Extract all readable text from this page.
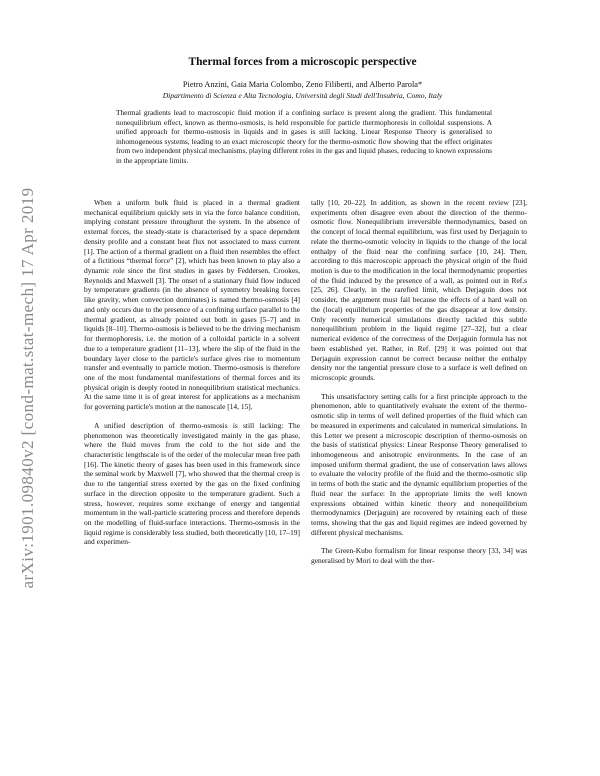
arXiv:1901.09840v2 [cond-mat.stat-mech] 17 Apr 2019
Thermal forces from a microscopic perspective
Pietro Anzini, Gaia Maria Colombo, Zeno Filiberti, and Alberto Parola*
Dipartimento di Scienza e Alta Tecnologia, Università degli Studi dell'Insubria, Como, Italy

Thermal gradients lead to macroscopic fluid motion if a confining surface is present along the gradient. This fundamental nonequilibrium effect, known as thermo-osmosis, is held responsible for particle thermophoresis in colloidal suspensions. A unified approach for thermo-osmosis in liquids and in gases is still lacking. Linear Response Theory is generalised to inhomogeneous systems, leading to an exact microscopic theory for the thermo-osmotic flow showing that the effect originates from two independent physical mechanisms, playing different roles in the gas and liquid phases, reducing to known expressions in the appropriate limits.

When a uniform bulk fluid is placed in a thermal gradient mechanical equilibrium quickly sets in via the force balance condition, implying constant pressure throughout the system. In the absence of external forces, the steady-state is characterised by a space dependent density profile and a constant heat flux not associated to mass current [1]. The action of a thermal gradient on a fluid then resembles the effect of a fictitious “thermal force” [2], which has been known to play also a dynamic role since the first studies in gases by Feddersen, Crookes, Reynolds and Maxwell [3]. The onset of a stationary fluid flow induced by temperature gradients (in the absence of symmetry breaking forces like gravity, when convection dominates) is named thermo-osmosis [4] and only occurs due to the presence of a confining surface parallel to the thermal gradient, as already pointed out both in gases [5–7] and in liquids [8–10]. Thermo-osmosis is believed to be the driving mechanism for thermophoresis, i.e. the motion of a colloidal particle in a solvent due to a temperature gradient [11–13], where the slip of the fluid in the boundary layer close to the particle's surface gives rise to momentum transfer and eventually to particle motion. Thermo-osmosis is therefore one of the most fundamental manifestations of thermal forces and its physical origin is deeply rooted in nonequilibrium statistical mechanics. At the same time it is of great interest for applications as a mechanism for governing particle's motion at the nanoscale [14, 15].

A unified description of thermo-osmosis is still lacking: The phenomenon was theoretically investigated mainly in the gas phase, where the fluid moves from the cold to the hot side and the characteristic lengthscale is of the order of the molecular mean free path [16]. The kinetic theory of gases has been used in this framework since the seminal work by Maxwell [7], who showed that the thermal creep is due to the tangential stress exerted by the gas on the fixed confining surface in the direction opposite to the temperature gradient. Such a stress, however, requires some exchange of energy and tangential momentum in the wall-particle scattering process and therefore depends on the modelling of fluid-surface interactions. Thermo-osmosis in the liquid regime is considerably less studied, both theoretically [10, 17–19] and experimen-

tally [10, 20–22]. In addition, as shown in the recent review [23], experiments often disagree even about the direction of the thermo-osmotic flow. Nonequilibrium irreversible thermodynamics, based on the concept of local thermal equilibrium, was first used by Derjaguin to relate the thermo-osmotic velocity in liquids to the change of the local enthalpy of the fluid near the confining surface [10, 24]. Then, according to this macroscopic approach the physical origin of the fluid motion is due to the modification in the local thermodynamic properties of the fluid induced by the presence of a wall, as pointed out in Ref.s [25, 26]. Clearly, in the rarefied limit, which Derjaguin does not consider, the argument must fail because the effects of a hard wall on the (local) equilibrium properties of the gas disappear at low density. Only recently numerical simulations directly tackled this subtle nonequilibrium problem in the liquid regime [27–32], but a clear numerical evidence of the correctness of the Derjaguin formula has not been established yet. Rather, in Ref. [29] it was pointed out that Derjaguin expression cannot be correct because neither the enthalpy density nor the tangential pressure close to a surface is well defined on microscopic grounds.

This unsatisfactory setting calls for a first principle approach to the phenomenon, able to quantitatively evaluate the extent of the thermo-osmotic slip in terms of well defined properties of the fluid which can be measured in experiments and calculated in numerical simulations. In this Letter we present a microscopic description of thermo-osmosis on the basis of statistical physics: Linear Response Theory generalised to inhomogeneous and anisotropic environments. In the case of an imposed uniform thermal gradient, the use of conservation laws allows to evaluate the velocity profile of the fluid and the thermo-osmotic slip in terms of both the static and the dynamic equilibrium properties of the fluid near the surface: In the appropriate limits the well known expressions obtained within kinetic theory and nonequilibrium thermodynamics (Derjaguin) are recovered by retaining each of these terms, showing that the gas and liquid regimes are indeed governed by different physical mechanisms.

The Green-Kubo formalism for linear response theory [33, 34] was generalised by Mori to deal with the ther-
